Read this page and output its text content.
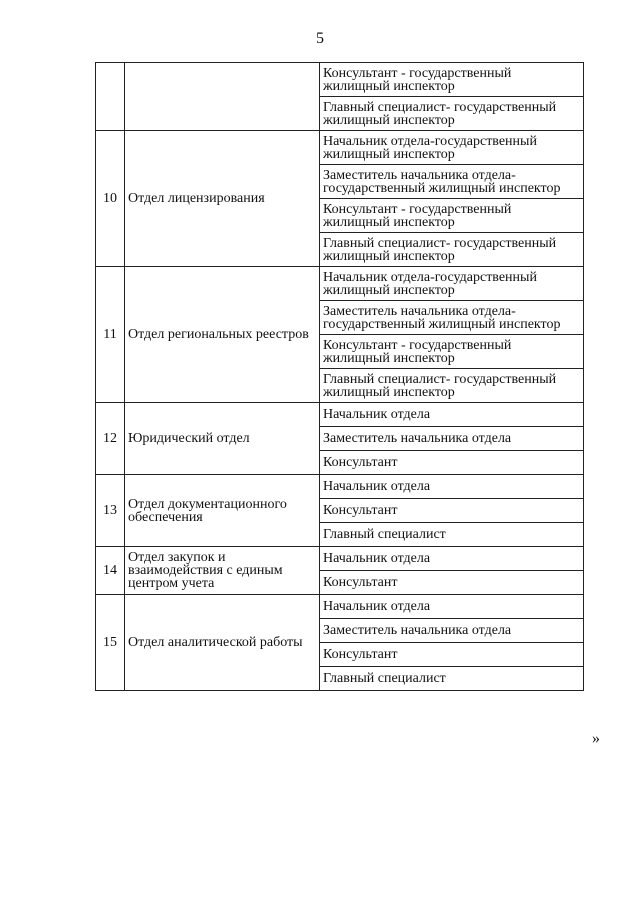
5
		Консультант - государственный жилищный инспектор
		Главный специалист- государственный жилищный инспектор
10	Отдел лицензирования	Начальник отдела-государственный жилищный инспектор
		Заместитель начальника отдела-государственный жилищный инспектор
		Консультант - государственный жилищный инспектор
		Главный специалист- государственный жилищный инспектор
11	Отдел региональных реестров	Начальник отдела-государственный жилищный инспектор
		Заместитель начальника отдела-государственный жилищный инспектор
		Консультант - государственный жилищный инспектор
		Главный специалист- государственный жилищный инспектор
12	Юридический отдел	Начальник отдела
		Заместитель начальника отдела
		Консультант
13	Отдел документационного обеспечения	Начальник отдела
		Консультант
		Главный специалист
14	Отдел закупок и взаимодействия с единым центром учета	Начальник отдела
		Консультант
15	Отдел аналитической работы	Начальник отдела
		Заместитель начальника отдела
		Консультант
		Главный специалист
»
